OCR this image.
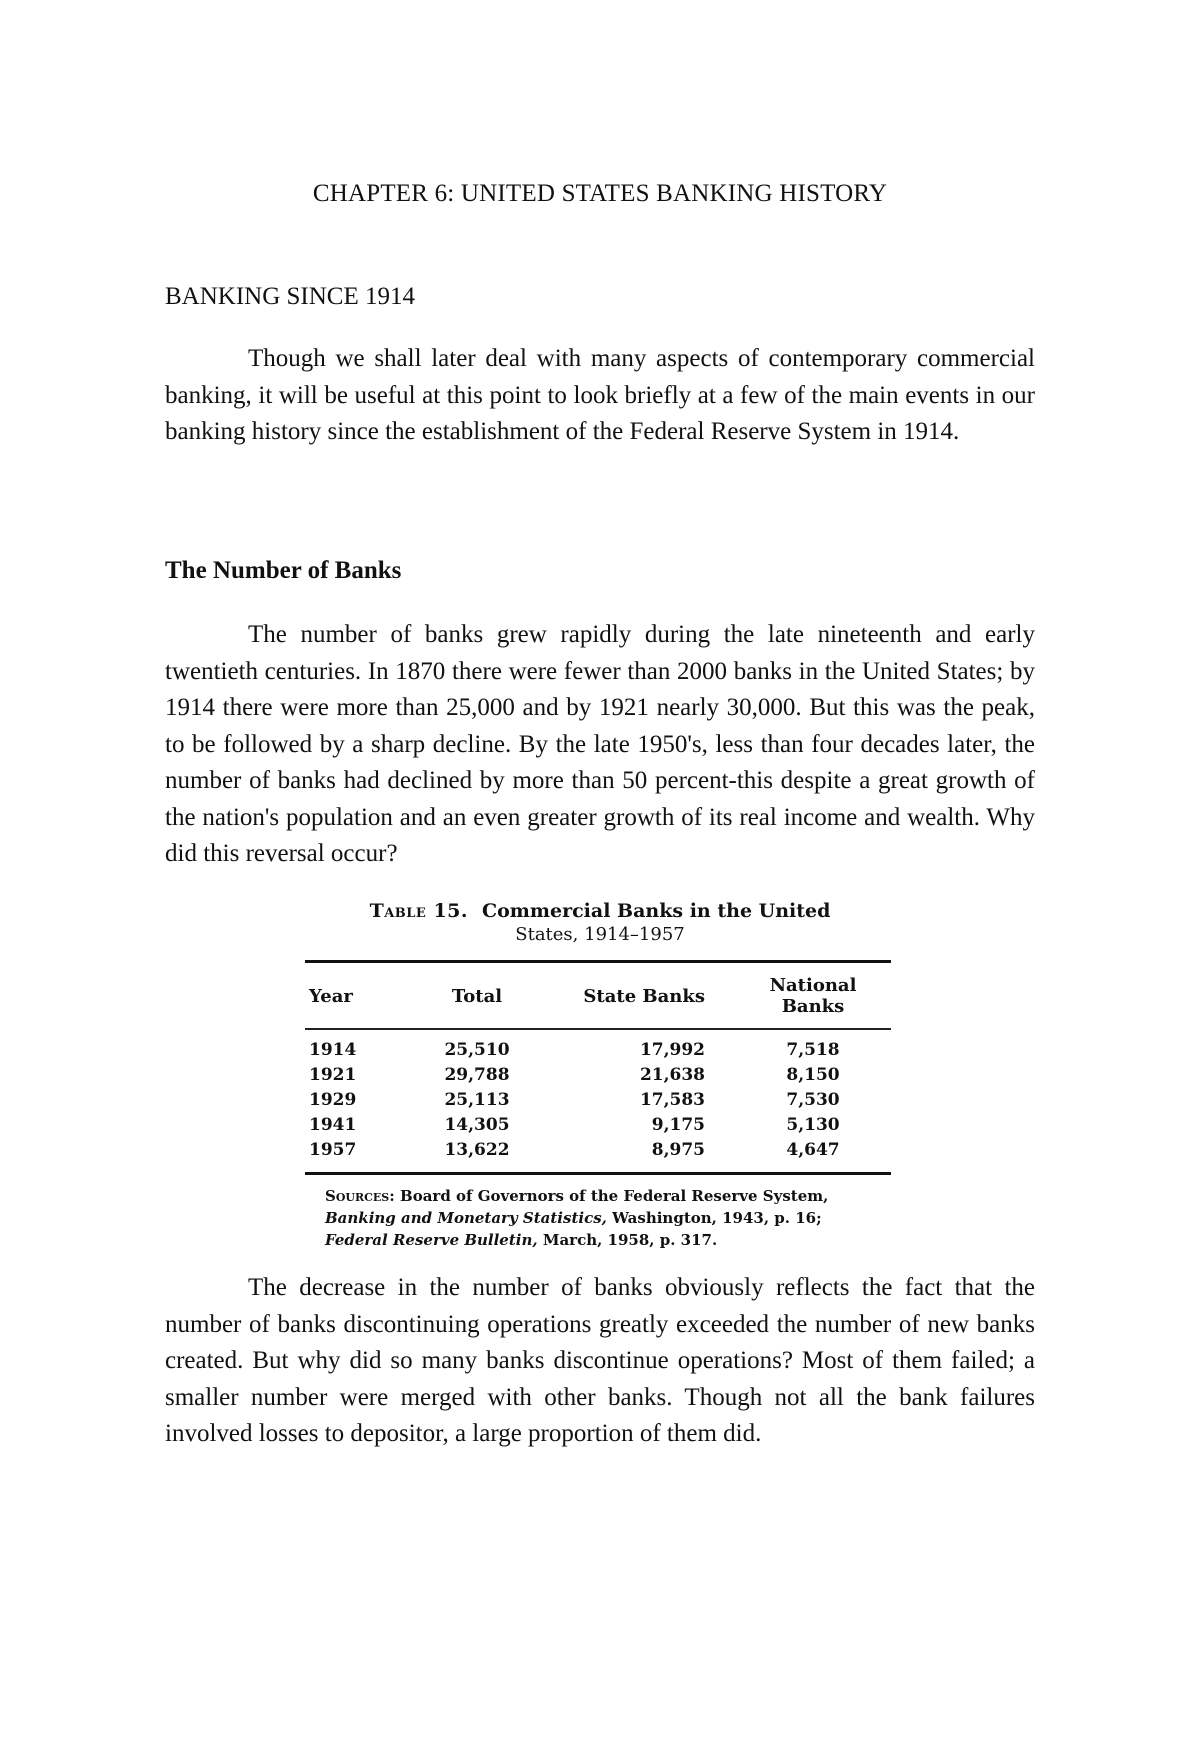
CHAPTER 6: UNITED STATES BANKING HISTORY
BANKING SINCE 1914

Though we shall later deal with many aspects of contemporary commercial banking, it will be useful at this point to look briefly at a few of the main events in our banking history since the establishment of the Federal Reserve System in 1914.

The Number of Banks

The number of banks grew rapidly during the late nineteenth and early twentieth centuries. In 1870 there were fewer than 2000 banks in the United States; by 1914 there were more than 25,000 and by 1921 nearly 30,000. But this was the peak, to be followed by a sharp decline. By the late 1950's, less than four decades later, the number of banks had declined by more than 50 percent-this despite a great growth of the nation's population and an even greater growth of its real income and wealth. Why did this reversal occur?

Table 15. Commercial Banks in the United
States, 1914–1957
Year	Total	State Banks	National Banks
1914	25,510	17,992	7,518
1921	29,788	21,638	8,150
1929	25,113	17,583	7,530
1941	14,305	9,175	5,130
1957	13,622	8,975	4,647
Sources: Board of Governors of the Federal Reserve System, Banking and Monetary Statistics, Washington, 1943, p. 16; Federal Reserve Bulletin, March, 1958, p. 317.

The decrease in the number of banks obviously reflects the fact that the number of banks discontinuing operations greatly exceeded the number of new banks created. But why did so many banks discontinue operations? Most of them failed; a smaller number were merged with other banks. Though not all the bank failures involved losses to depositor, a large proportion of them did.
